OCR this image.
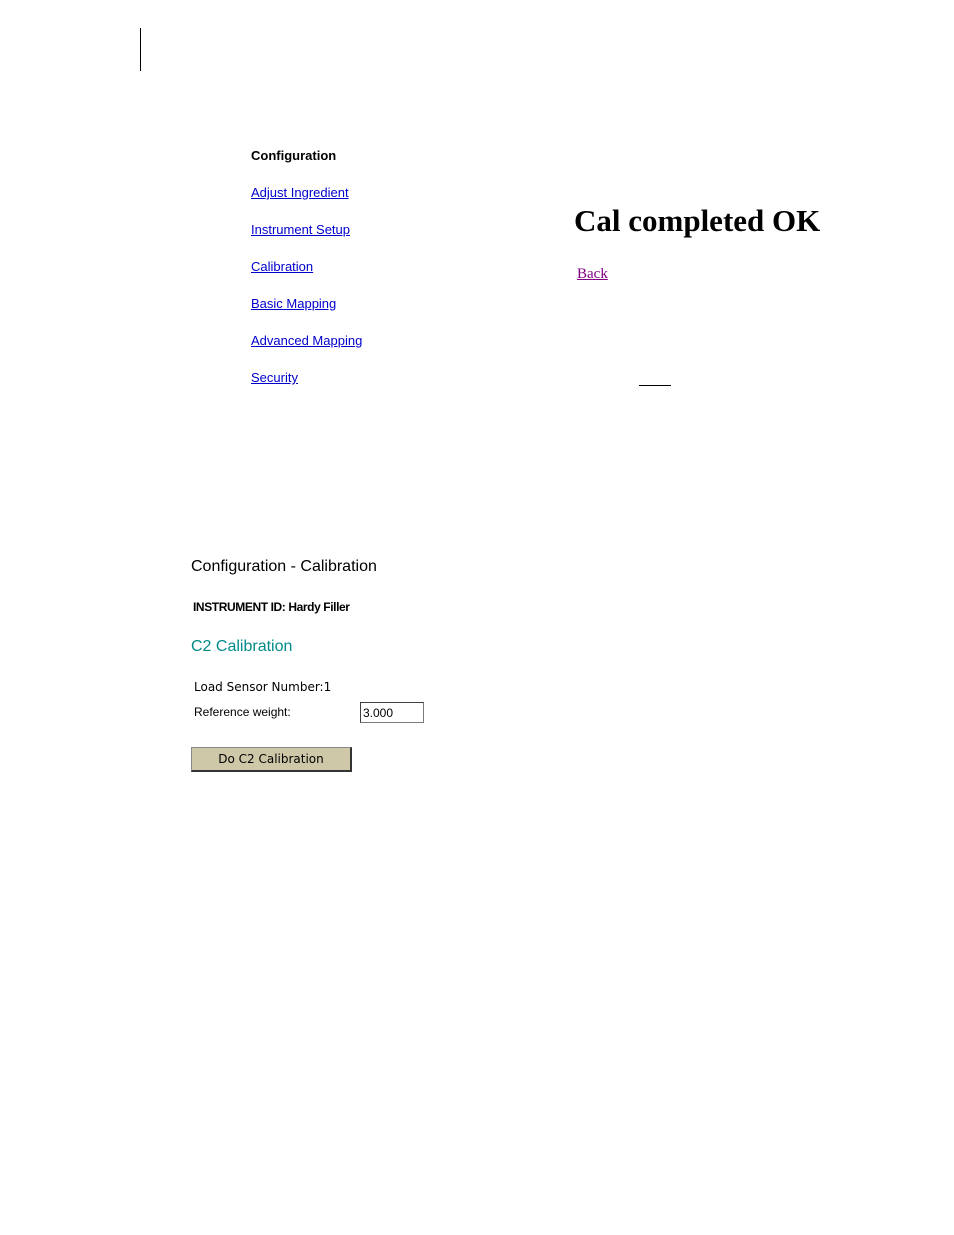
Configuration
Adjust Ingredient
Instrument Setup
Calibration
Basic Mapping
Advanced Mapping
Security
Cal completed OK
Back
Configuration - Calibration
INSTRUMENT ID: Hardy Filler
C2 Calibration
Load Sensor Number:1
Reference weight:
3.000
Do C2 Calibration
